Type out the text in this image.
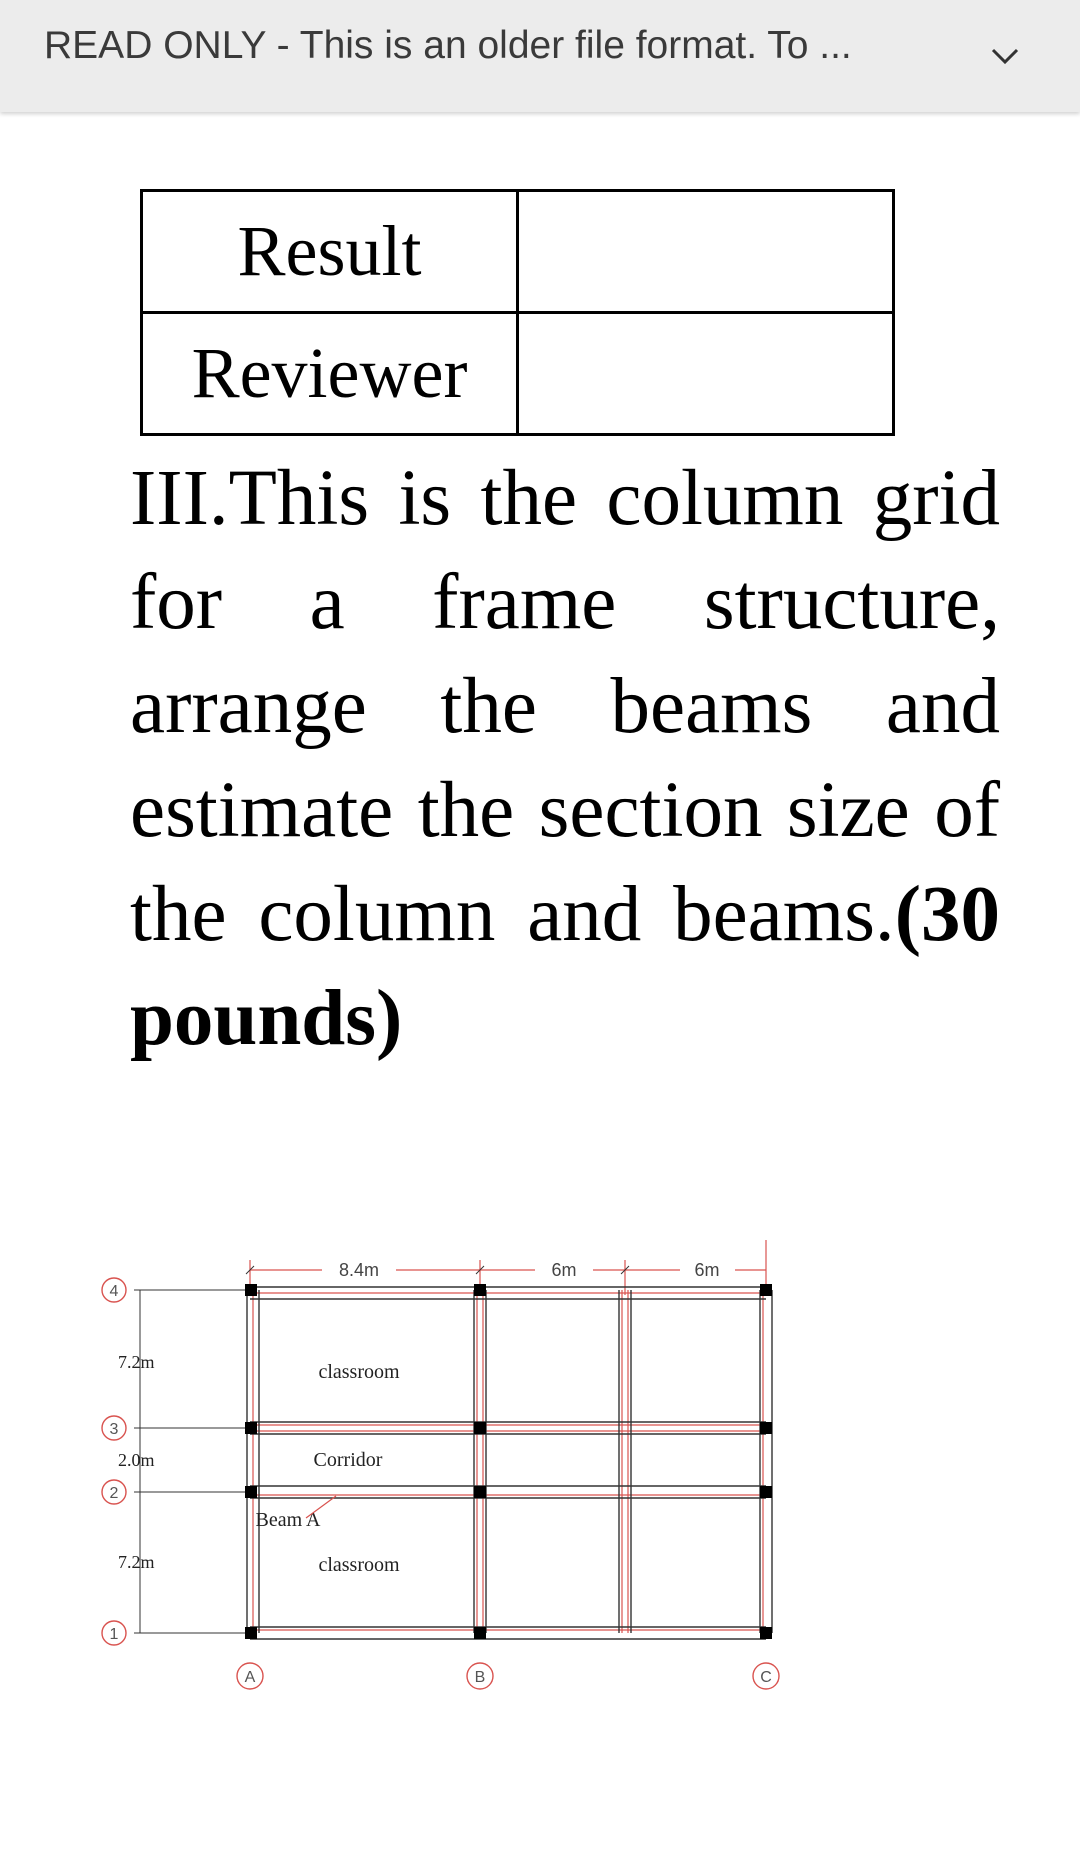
READ ONLY - This is an older file format. To ...
Result	
Reviewer	
III.This is the column grid for a frame structure, arrange the beams and estimate the section size of the column and beams.(30 pounds)
8.4m	6m	6m
7.2m
2.0m
7.2m
4
3
2
1
classroom
Corridor
Beam A
classroom
A	B	C
